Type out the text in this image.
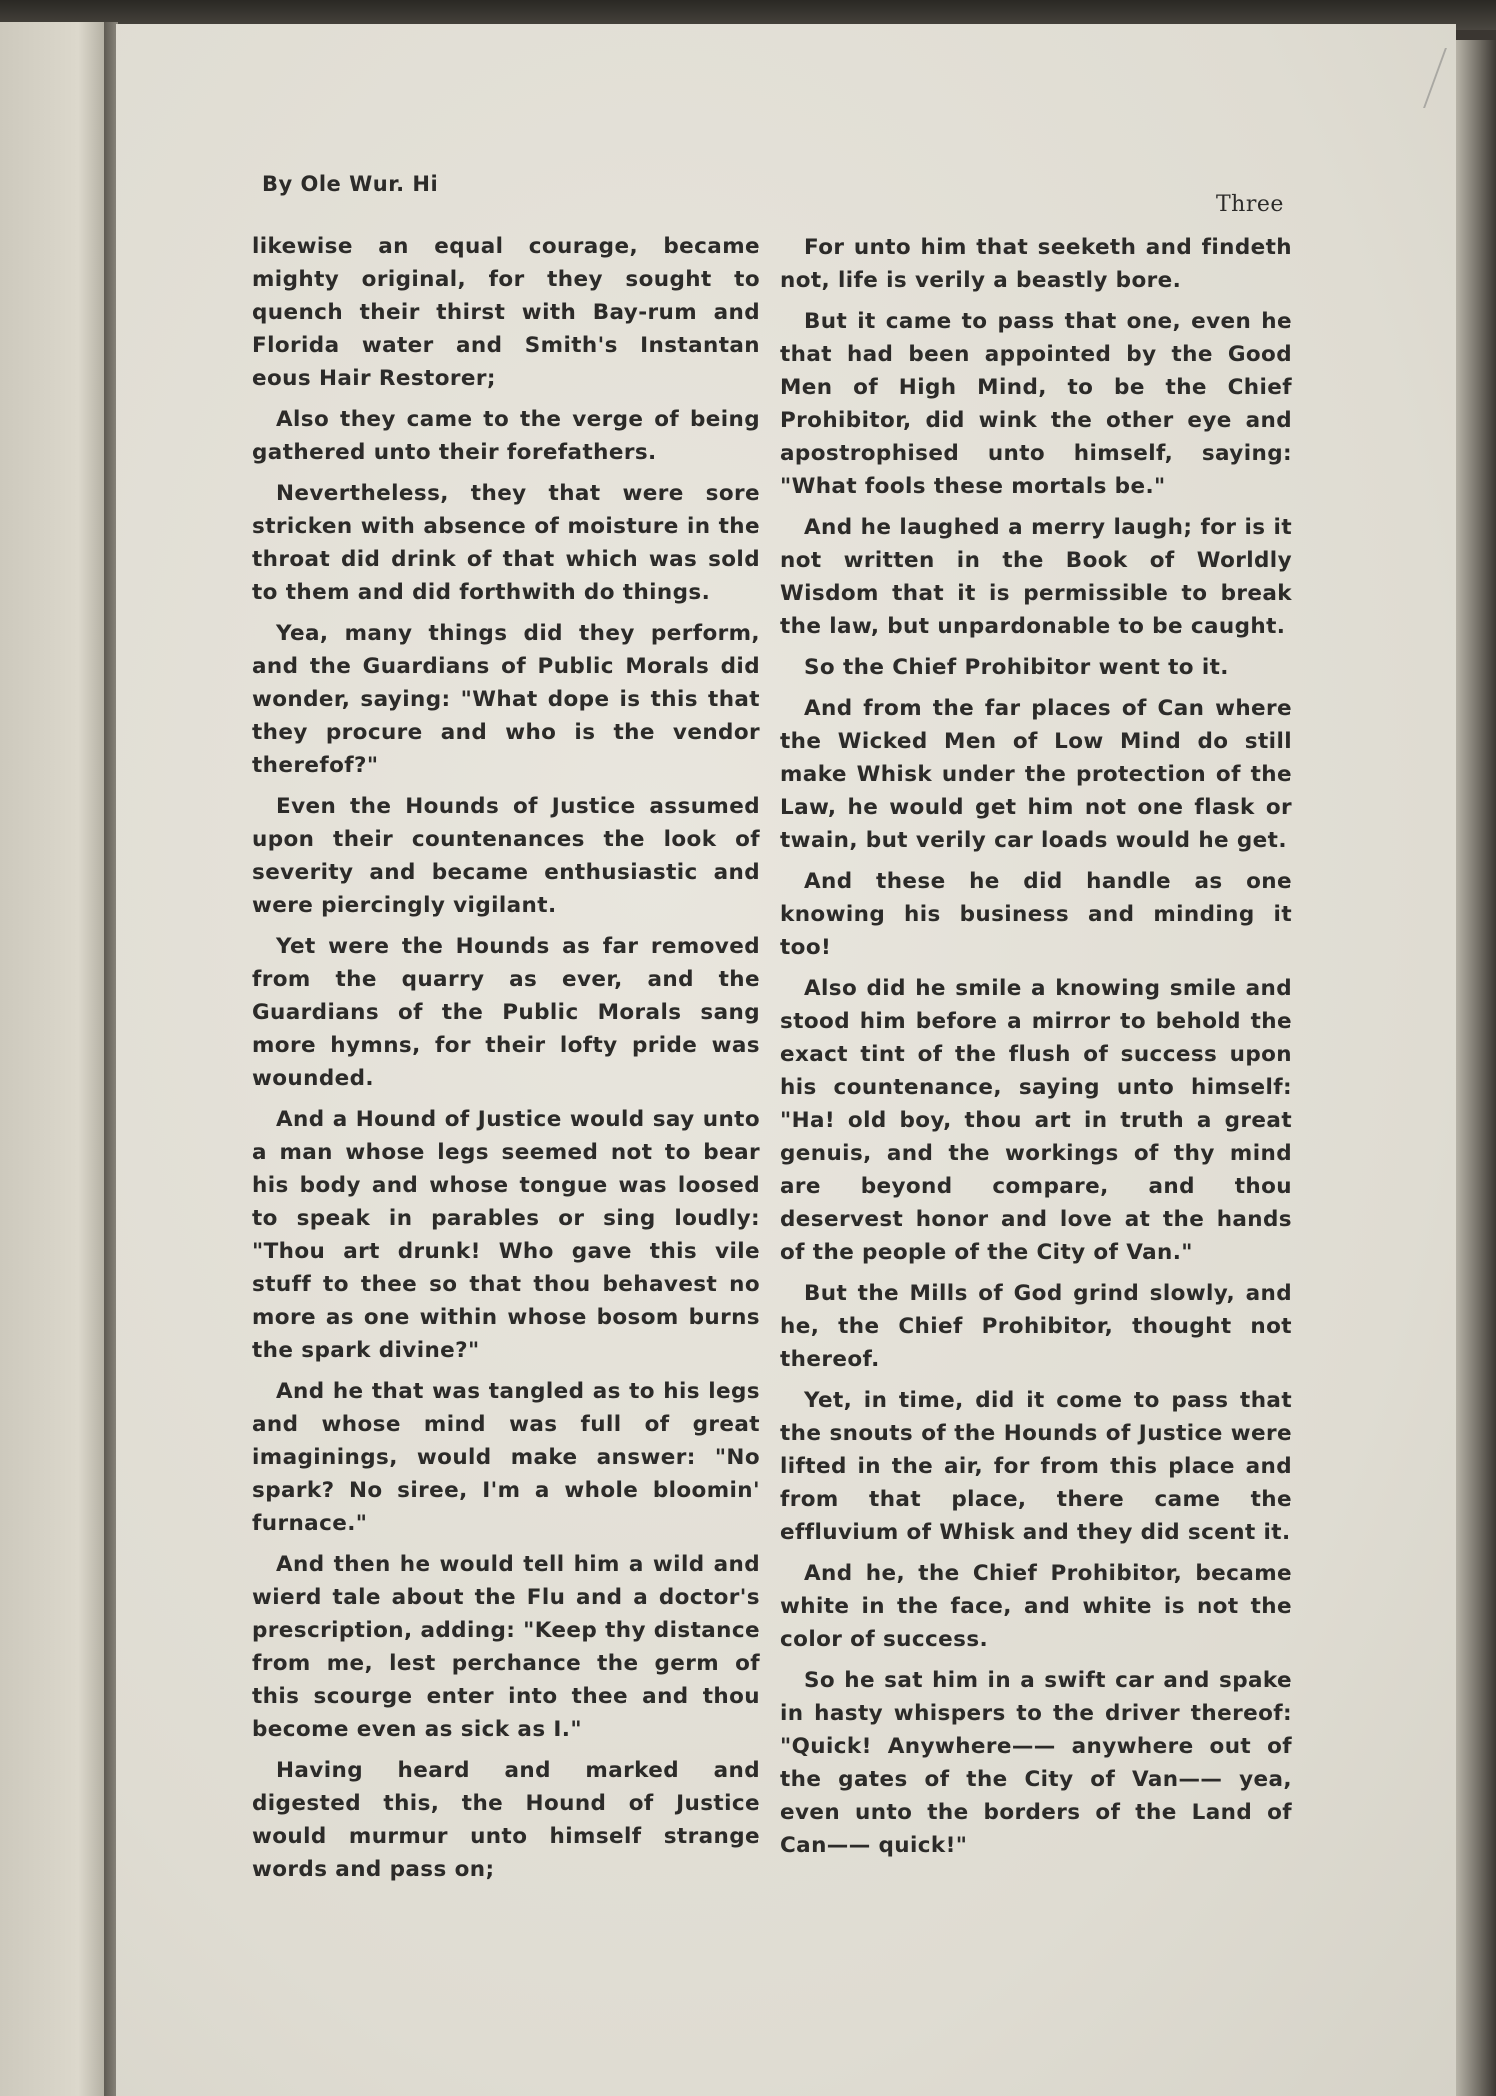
By Ole Wur. Hi
Three

likewise an equal courage, became mighty original, for they sought to quench their thirst with Bay-rum and Florida water and Smith's Instantan eous Hair Restorer;

Also they came to the verge of being gathered unto their forefathers.

Nevertheless, they that were sore stricken with absence of moisture in the throat did drink of that which was sold to them and did forthwith do things.

Yea, many things did they perform, and the Guardians of Public Morals did wonder, saying: "What dope is this that they procure and who is the vendor therefof?"

Even the Hounds of Justice assumed upon their countenances the look of severity and became enthusiastic and were piercingly vigilant.

Yet were the Hounds as far removed from the quarry as ever, and the Guardians of the Public Morals sang more hymns, for their lofty pride was wounded.

And a Hound of Justice would say unto a man whose legs seemed not to bear his body and whose tongue was loosed to speak in parables or sing loudly: "Thou art drunk! Who gave this vile stuff to thee so that thou behavest no more as one within whose bosom burns the spark divine?"

And he that was tangled as to his legs and whose mind was full of great imaginings, would make answer: "No spark? No siree, I'm a whole bloomin' furnace."

And then he would tell him a wild and wierd tale about the Flu and a doctor's prescription, adding: "Keep thy distance from me, lest perchance the germ of this scourge enter into thee and thou become even as sick as I."

Having heard and marked and digested this, the Hound of Justice would murmur unto himself strange words and pass on;

For unto him that seeketh and findeth not, life is verily a beastly bore.

But it came to pass that one, even he that had been appointed by the Good Men of High Mind, to be the Chief Prohibitor, did wink the other eye and apostrophised unto himself, saying: "What fools these mortals be."

And he laughed a merry laugh; for is it not written in the Book of Worldly Wisdom that it is permissible to break the law, but unpardonable to be caught.

So the Chief Prohibitor went to it.

And from the far places of Can where the Wicked Men of Low Mind do still make Whisk under the protection of the Law, he would get him not one flask or twain, but verily car loads would he get.

And these he did handle as one knowing his business and minding it too!

Also did he smile a knowing smile and stood him before a mirror to behold the exact tint of the flush of success upon his countenance, saying unto himself: "Ha! old boy, thou art in truth a great genuis, and the workings of thy mind are beyond compare, and thou deservest honor and love at the hands of the people of the City of Van."

But the Mills of God grind slowly, and he, the Chief Prohibitor, thought not thereof.

Yet, in time, did it come to pass that the snouts of the Hounds of Justice were lifted in the air, for from this place and from that place, there came the effluvium of Whisk and they did scent it.

And he, the Chief Prohibitor, became white in the face, and white is not the color of success.

So he sat him in a swift car and spake in hasty whispers to the driver thereof: "Quick! Anywhere—— anywhere out of the gates of the City of Van—— yea, even unto the borders of the Land of Can—— quick!"
